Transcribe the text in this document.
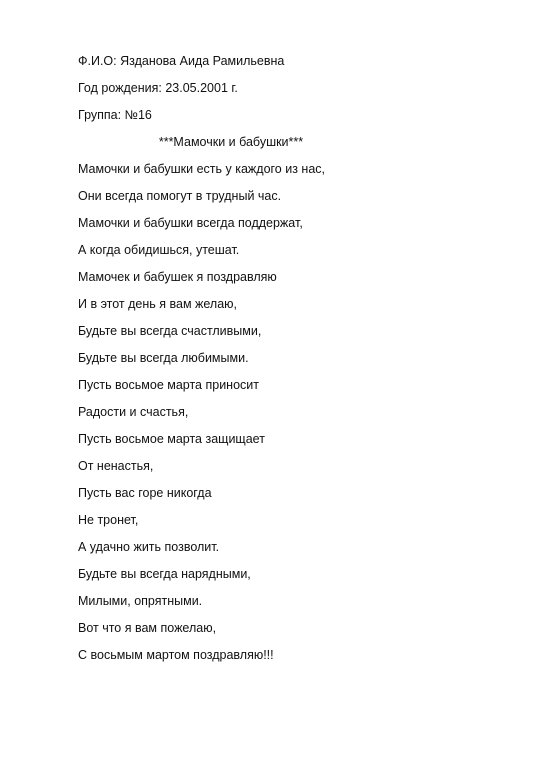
Ф.И.О: Язданова Аида Рамильевна
Год рождения: 23.05.2001 г.
Группа: №16
***Мамочки и бабушки***
Мамочки и бабушки есть у каждого из нас,
Они всегда помогут в трудный час.
Мамочки и бабушки всегда поддержат,
А когда обидишься, утешат.
Мамочек и бабушек я поздравляю
И в этот день я вам желаю,
Будьте вы всегда счастливыми,
Будьте вы всегда любимыми.
Пусть восьмое марта приносит
Радости и счастья,
Пусть восьмое марта защищает
От ненастья,
Пусть вас горе никогда
Не тронет,
А удачно жить позволит.
Будьте вы всегда нарядными,
Милыми, опрятными.
Вот что я вам пожелаю,
С восьмым мартом поздравляю!!!
